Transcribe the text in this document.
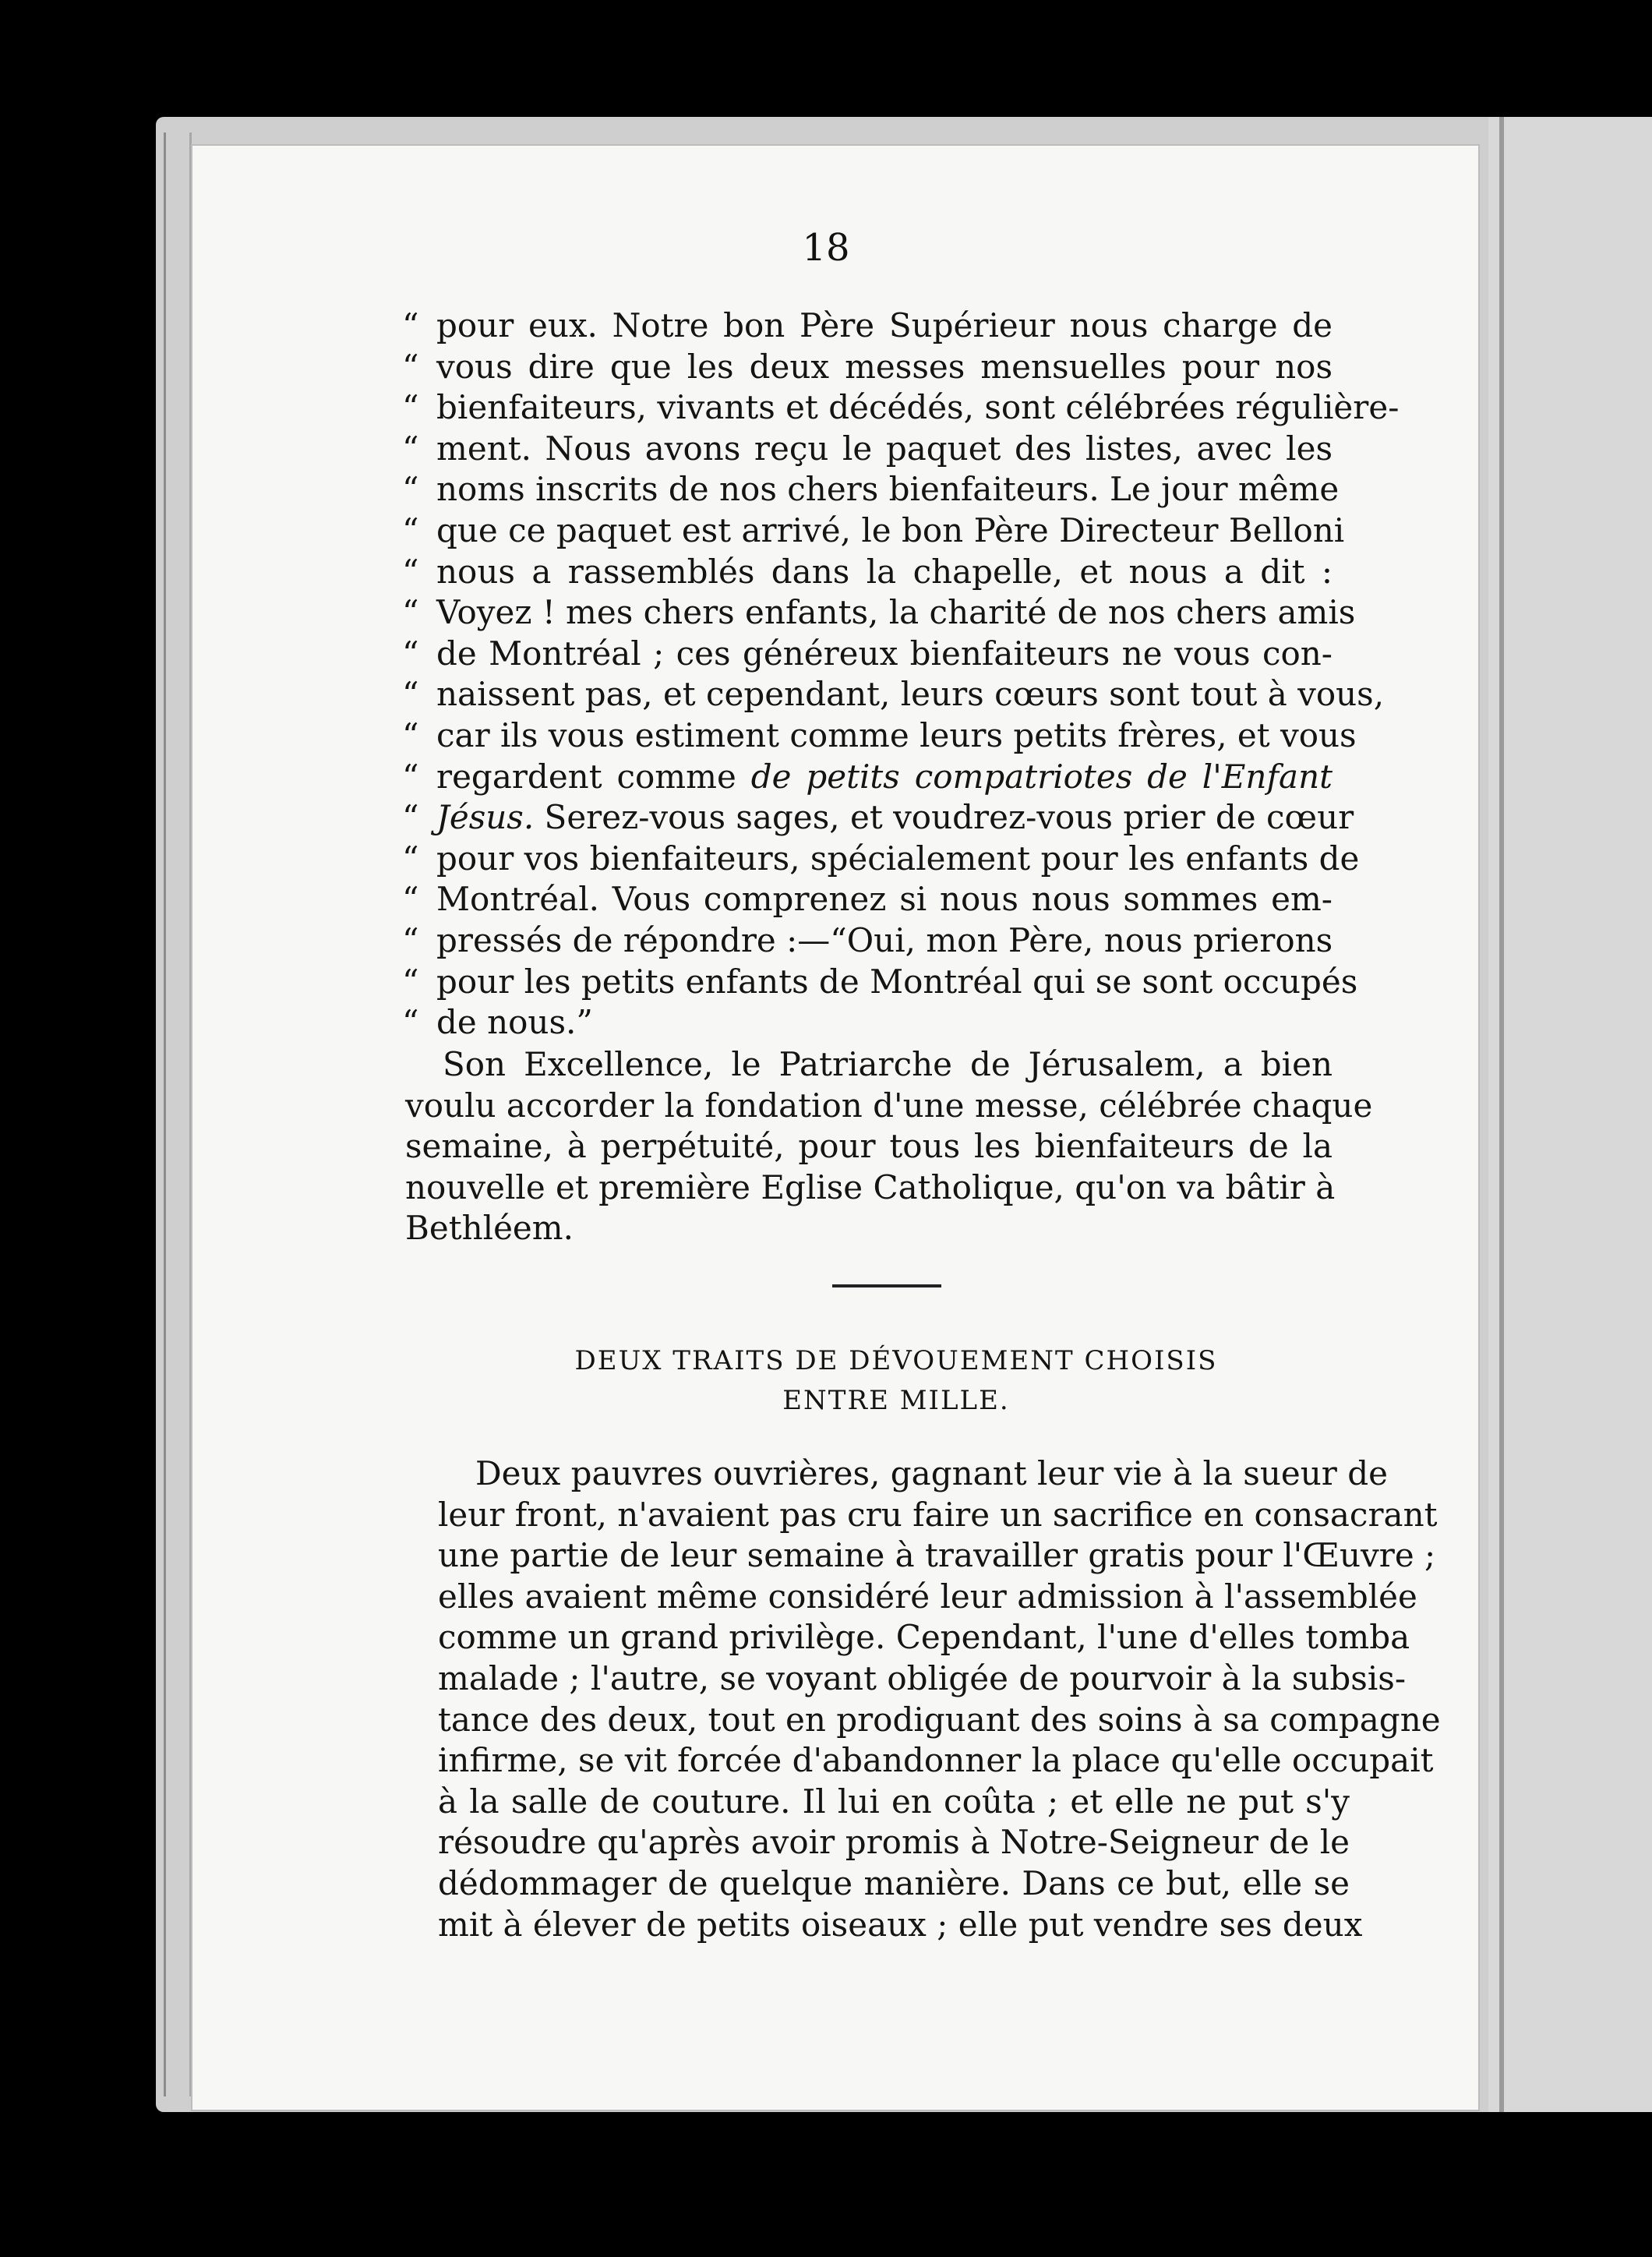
18
“ pour eux. Notre bon Père Supérieur nous charge de
“ vous dire que les deux messes mensuelles pour nos
“ bienfaiteurs, vivants et décédés, sont célébrées régulière-
“ ment. Nous avons reçu le paquet des listes, avec les
“ noms inscrits de nos chers bienfaiteurs. Le jour même
“ que ce paquet est arrivé, le bon Père Directeur Belloni
“ nous a rassemblés dans la chapelle, et nous a dit :
“ Voyez ! mes chers enfants, la charité de nos chers amis
“ de Montréal ; ces généreux bienfaiteurs ne vous con-
“ naissent pas, et cependant, leurs cœurs sont tout à vous,
“ car ils vous estiment comme leurs petits frères, et vous
“ regardent comme de petits compatriotes de l'Enfant
“ Jésus. Serez-vous sages, et voudrez-vous prier de cœur
“ pour vos bienfaiteurs, spécialement pour les enfants de
“ Montréal. Vous comprenez si nous nous sommes em-
“ pressés de répondre :—“Oui, mon Père, nous prierons
“ pour les petits enfants de Montréal qui se sont occupés
“ de nous.”
Son Excellence, le Patriarche de Jérusalem, a bien
voulu accorder la fondation d'une messe, célébrée chaque
semaine, à perpétuité, pour tous les bienfaiteurs de la
nouvelle et première Eglise Catholique, qu'on va bâtir à
Bethléem.
DEUX TRAITS DE DÉVOUEMENT CHOISIS
ENTRE MILLE.
Deux pauvres ouvrières, gagnant leur vie à la sueur de
leur front, n'avaient pas cru faire un sacrifice en consacrant
une partie de leur semaine à travailler gratis pour l'Œuvre ;
elles avaient même considéré leur admission à l'assemblée
comme un grand privilège. Cependant, l'une d'elles tomba
malade ; l'autre, se voyant obligée de pourvoir à la subsis-
tance des deux, tout en prodiguant des soins à sa compagne
infirme, se vit forcée d'abandonner la place qu'elle occupait
à la salle de couture. Il lui en coûta ; et elle ne put s'y
résoudre qu'après avoir promis à Notre-Seigneur de le
dédommager de quelque manière. Dans ce but, elle se
mit à élever de petits oiseaux ; elle put vendre ses deux
